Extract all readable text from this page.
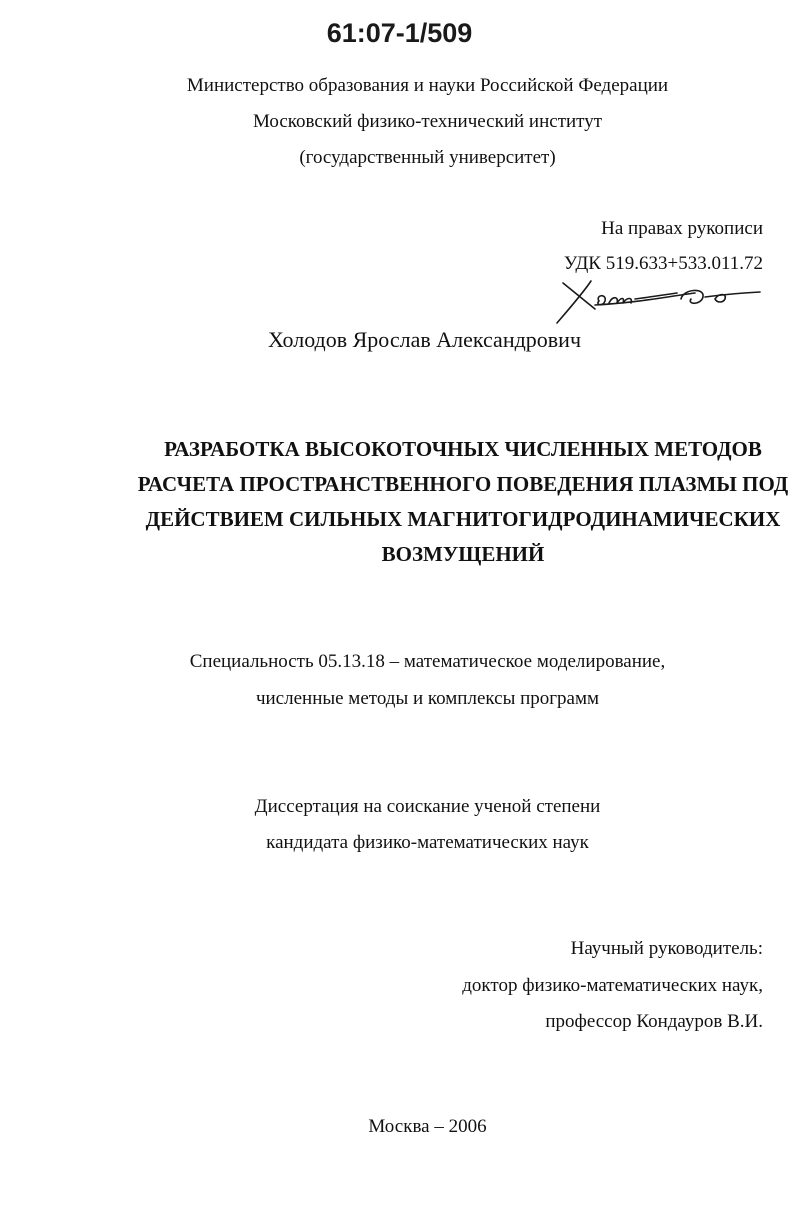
61:07-1/509
Министерство образования и науки Российской Федерации
Московский физико-технический институт
(государственный университет)
На правах рукописи
УДК 519.633+533.011.72
Холодов Ярослав Александрович
РАЗРАБОТКА ВЫСОКОТОЧНЫХ ЧИСЛЕННЫХ МЕТОДОВ
РАСЧЕТА ПРОСТРАНСТВЕННОГО ПОВЕДЕНИЯ ПЛАЗМЫ ПОД
ДЕЙСТВИЕМ СИЛЬНЫХ МАГНИТОГИДРОДИНАМИЧЕСКИХ
ВОЗМУЩЕНИЙ
Специальность 05.13.18 – математическое моделирование,
численные методы и комплексы программ
Диссертация на соискание ученой степени
кандидата физико-математических наук
Научный руководитель:
доктор физико-математических наук,
профессор Кондауров В.И.
Москва – 2006
